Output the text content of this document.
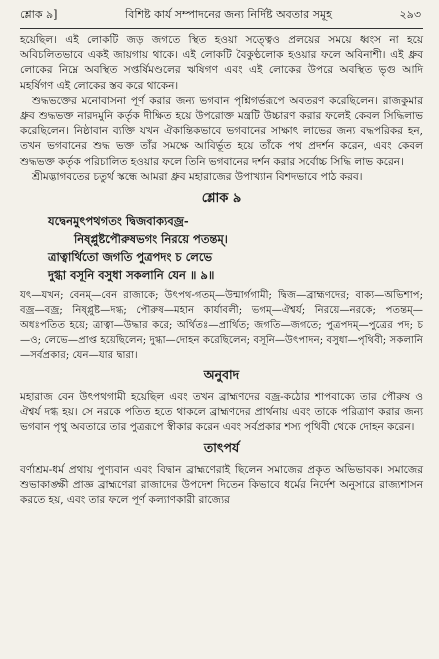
শ্লোক ৯]	বিশিষ্ট কার্য সম্পাদনের জন্য নির্দিষ্ট অবতার সমূহ	২৯৩

হয়েছিল। এই লোকটি জড় জগতে স্থিত হওয়া সত্ত্বেও প্রলয়ের সময়ে ধ্বংস না হয়ে অবিচলিতভাবে একই জায়গায় থাকে। এই লোকটি বৈকুণ্ঠলোক হওয়ার ফলে অবিনাশী। এই ধ্রুব লোকের নিম্নে অবস্থিত সপ্তর্ষিমণ্ডলের ঋষিগণ এবং এই লোকের উপরে অবস্থিত ভৃগু আদি মহর্ষিগণ এই লোকের স্তব করে থাকেন।

শুদ্ধভক্তের মনোবাসনা পূর্ণ করার জন্য ভগবান পৃশ্নিগর্ভরূপে অবতরণ করেছিলেন। রাজকুমার ধ্রুব শুদ্ধভক্ত নারদমুনি কর্তৃক দীক্ষিত হয়ে উপরোক্ত মন্ত্রটি উচ্চারণ করার ফলেই কেবল সিদ্ধিলাভ করেছিলেন। নিষ্ঠাবান ব্যক্তি যখন ঐকান্তিকভাবে ভগবানের সাক্ষাৎ লাভের জন্য বদ্ধপরিকর হন, তখন ভগবানের শুদ্ধ ভক্ত তাঁর সমক্ষে আবির্ভূত হয়ে তাঁকে পথ প্রদর্শন করেন, এবং কেবল শুদ্ধভক্ত কর্তৃক পরিচালিত হওয়ার ফলে তিনি ভগবানের দর্শন করার সর্বোচ্চ সিদ্ধি লাভ করেন।

শ্রীমদ্ভাগবতের চতুর্থ স্কন্ধে আমরা ধ্রুব মহারাজের উপাখ্যান বিশদভাবে পাঠ করব।

শ্লোক ৯
যদ্বেনমুৎপথগতং দ্বিজবাক্যবজ্র-
নিষ্প্লুষ্টপৌরুষভগং নিরয়ে পতন্তম্।
ত্রাত্বার্থিতো জগতি পুত্রপদং চ লেভে
দুগ্ধা বসূনি বসুধা সকলানি যেন ॥ ৯॥

যৎ—যখন; বেনম্—বেন রাজাকে; উৎপথ-গতম্—উন্মার্গগামী; দ্বিজ—ব্রাহ্মণদের; বাক্য—অভিশাপ; বজ্র—বজ্র; নিষ্প্লুষ্ট—দগ্ধ; পৌরুষ—মহান কার্যাবলী; ভগম্—ঐশ্বর্য; নিরয়ে—নরকে; পতন্তম্—অধঃপতিত হয়ে; ত্রাত্বা—উদ্ধার করে; অর্থিতঃ—প্রার্থিত; জগতি—জগতে; পুত্রপদম্—পুত্রের পদ; চ—ও; লেভে—প্রাপ্ত হয়েছিলেন; দুগ্ধা—দোহন করেছিলেন; বসূনি—উৎপাদন; বসুধা—পৃথিবী; সকলানি—সর্বপ্রকার; যেন—যার দ্বারা।

অনুবাদ

মহারাজ বেন উৎপথগামী হয়েছিল এবং তখন ব্রাহ্মণদের বজ্র-কঠোর শাপবাক্যে তার পৌরুষ ও ঐশ্বর্য দগ্ধ হয়। সে নরকে পতিত হতে থাকলে ব্রাহ্মণদের প্রার্থনায় এবং তাকে পরিত্রাণ করার জন্য ভগবান পৃথু অবতারে তার পুত্ররূপে স্বীকার করেন এবং সর্বপ্রকার শস্য পৃথিবী থেকে দোহন করেন।

তাৎপর্য

বর্ণাশ্রম-ধর্ম প্রথায় পুণ্যবান এবং বিদ্বান ব্রাহ্মণেরাই ছিলেন সমাজের প্রকৃত অভিভাবক। সমাজের শুভাকাঙ্ক্ষী প্রাজ্ঞ ব্রাহ্মণেরা রাজাদের উপদেশ দিতেন কিভাবে ধর্মের নির্দেশ অনুসারে রাজ্যশাসন করতে হয়, এবং তার ফলে পূর্ণ কল্যাণকারী রাজ্যের
